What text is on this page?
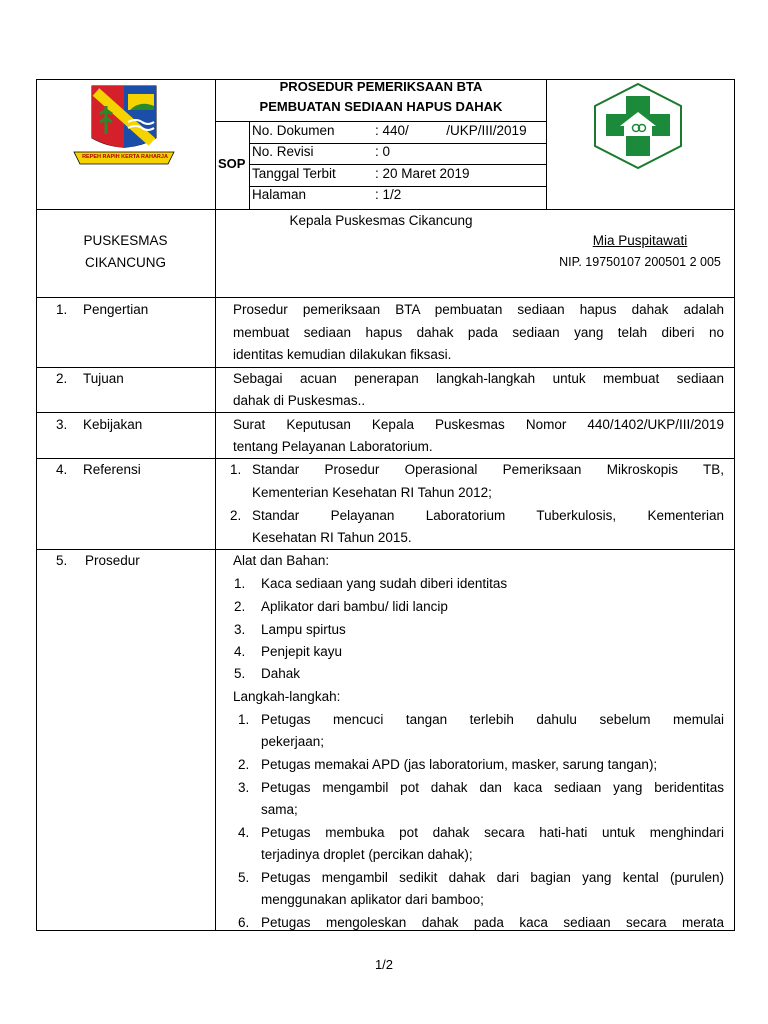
REPEH RAPIH KERTA RAHARJA
PROSEDUR PEMERIKSAAN BTA
PEMBUATAN SEDIAAN HAPUS DAHAK
SOP
No. Dokumen	: 440/          /UKP/III/2019
No. Revisi	: 0
Tanggal Terbit	: 20 Maret 2019
Halaman	: 1/2
PUSKESMAS
CIKANCUNG
Kepala Puskesmas Cikancung
Mia Puspitawati
NIP. 19750107 200501 2 005
1. Pengertian	Prosedur pemeriksaan BTA pembuatan sediaan hapus dahak adalah
membuat sediaan hapus dahak pada sediaan yang telah diberi no
identitas kemudian dilakukan fiksasi.
2. Tujuan	Sebagai acuan penerapan langkah-langkah untuk membuat sediaan
dahak di Puskesmas..
3. Kebijakan	Surat Keputusan Kepala Puskesmas Nomor 440/1402/UKP/III/2019
tentang Pelayanan Laboratorium.
4. Referensi	1. Standar Prosedur Operasional Pemeriksaan Mikroskopis TB,
Kementerian Kesehatan RI Tahun 2012;
2. Standar Pelayanan Laboratorium Tuberkulosis, Kementerian
Kesehatan RI Tahun 2015.
5. Prosedur	Alat dan Bahan:
1. Kaca sediaan yang sudah diberi identitas
2. Aplikator dari bambu/ lidi lancip
3. Lampu spirtus
4. Penjepit kayu
5. Dahak
Langkah-langkah:
1. Petugas mencuci tangan terlebih dahulu sebelum memulai
pekerjaan;
2. Petugas memakai APD (jas laboratorium, masker, sarung tangan);
3. Petugas mengambil pot dahak dan kaca sediaan yang beridentitas
sama;
4. Petugas membuka pot dahak secara hati-hati untuk menghindari
terjadinya droplet (percikan dahak);
5. Petugas mengambil sedikit dahak dari bagian yang kental (purulen)
menggunakan aplikator dari bamboo;
6. Petugas mengoleskan dahak pada kaca sediaan secara merata
1/2
